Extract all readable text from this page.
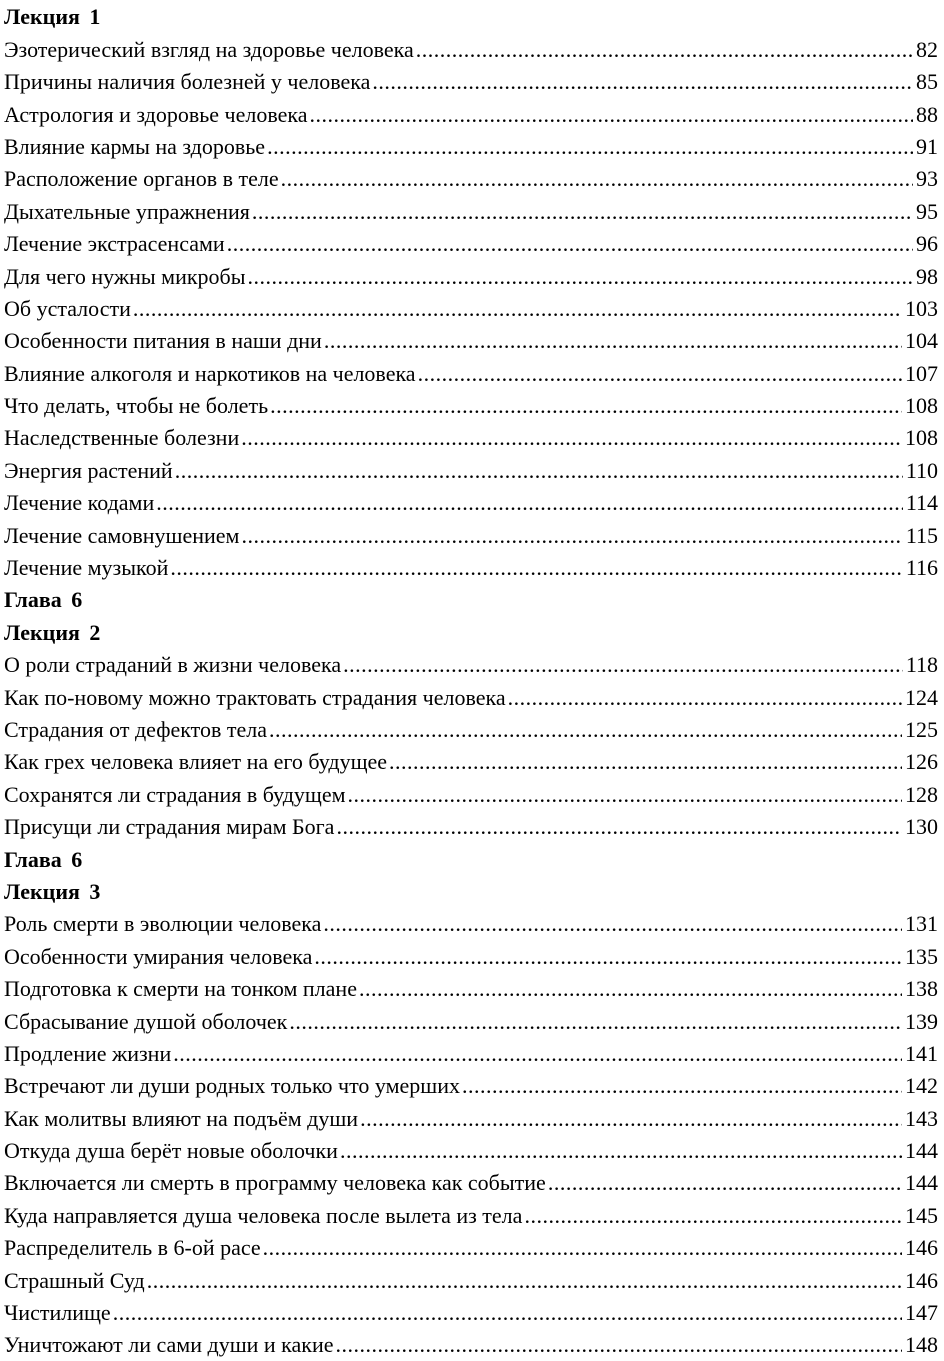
Лекция 1
Эзотерический взгляд на здоровье человека .....	82
Причины наличия болезней у человека .....	85
Астрология и здоровье человека .....	88
Влияние кармы на здоровье .....	91
Расположение органов в теле .....	93
Дыхательные упражнения .....	95
Лечение экстрасенсами .....	96
Для чего нужны микробы .....	98
Об усталости .....	103
Особенности питания в наши дни .....	104
Влияние алкоголя и наркотиков на человека .....	107
Что делать, чтобы не болеть .....	108
Наследственные болезни .....	108
Энергия растений .....	110
Лечение кодами .....	114
Лечение самовнушением .....	115
Лечение музыкой .....	116
Глава 6
Лекция 2
О роли страданий в жизни человека .....	118
Как по-новому можно трактовать страдания человека .....	124
Страдания от дефектов тела .....	125
Как грех человека влияет на его будущее .....	126
Сохранятся ли страдания в будущем .....	128
Присущи ли страдания мирам Бога .....	130
Глава 6
Лекция 3
Роль смерти в эволюции человека .....	131
Особенности умирания человека .....	135
Подготовка к смерти на тонком плане .....	138
Сбрасывание душой оболочек .....	139
Продление жизни .....	141
Встречают ли души родных только что умерших .....	142
Как молитвы влияют на подъём души .....	143
Откуда душа берёт новые оболочки .....	144
Включается ли смерть в программу человека как событие .....	144
Куда направляется душа человека после вылета из тела .....	145
Распределитель в 6-ой расе .....	146
Страшный Суд .....	146
Чистилище .....	147
Уничтожают ли сами души и какие .....	148
